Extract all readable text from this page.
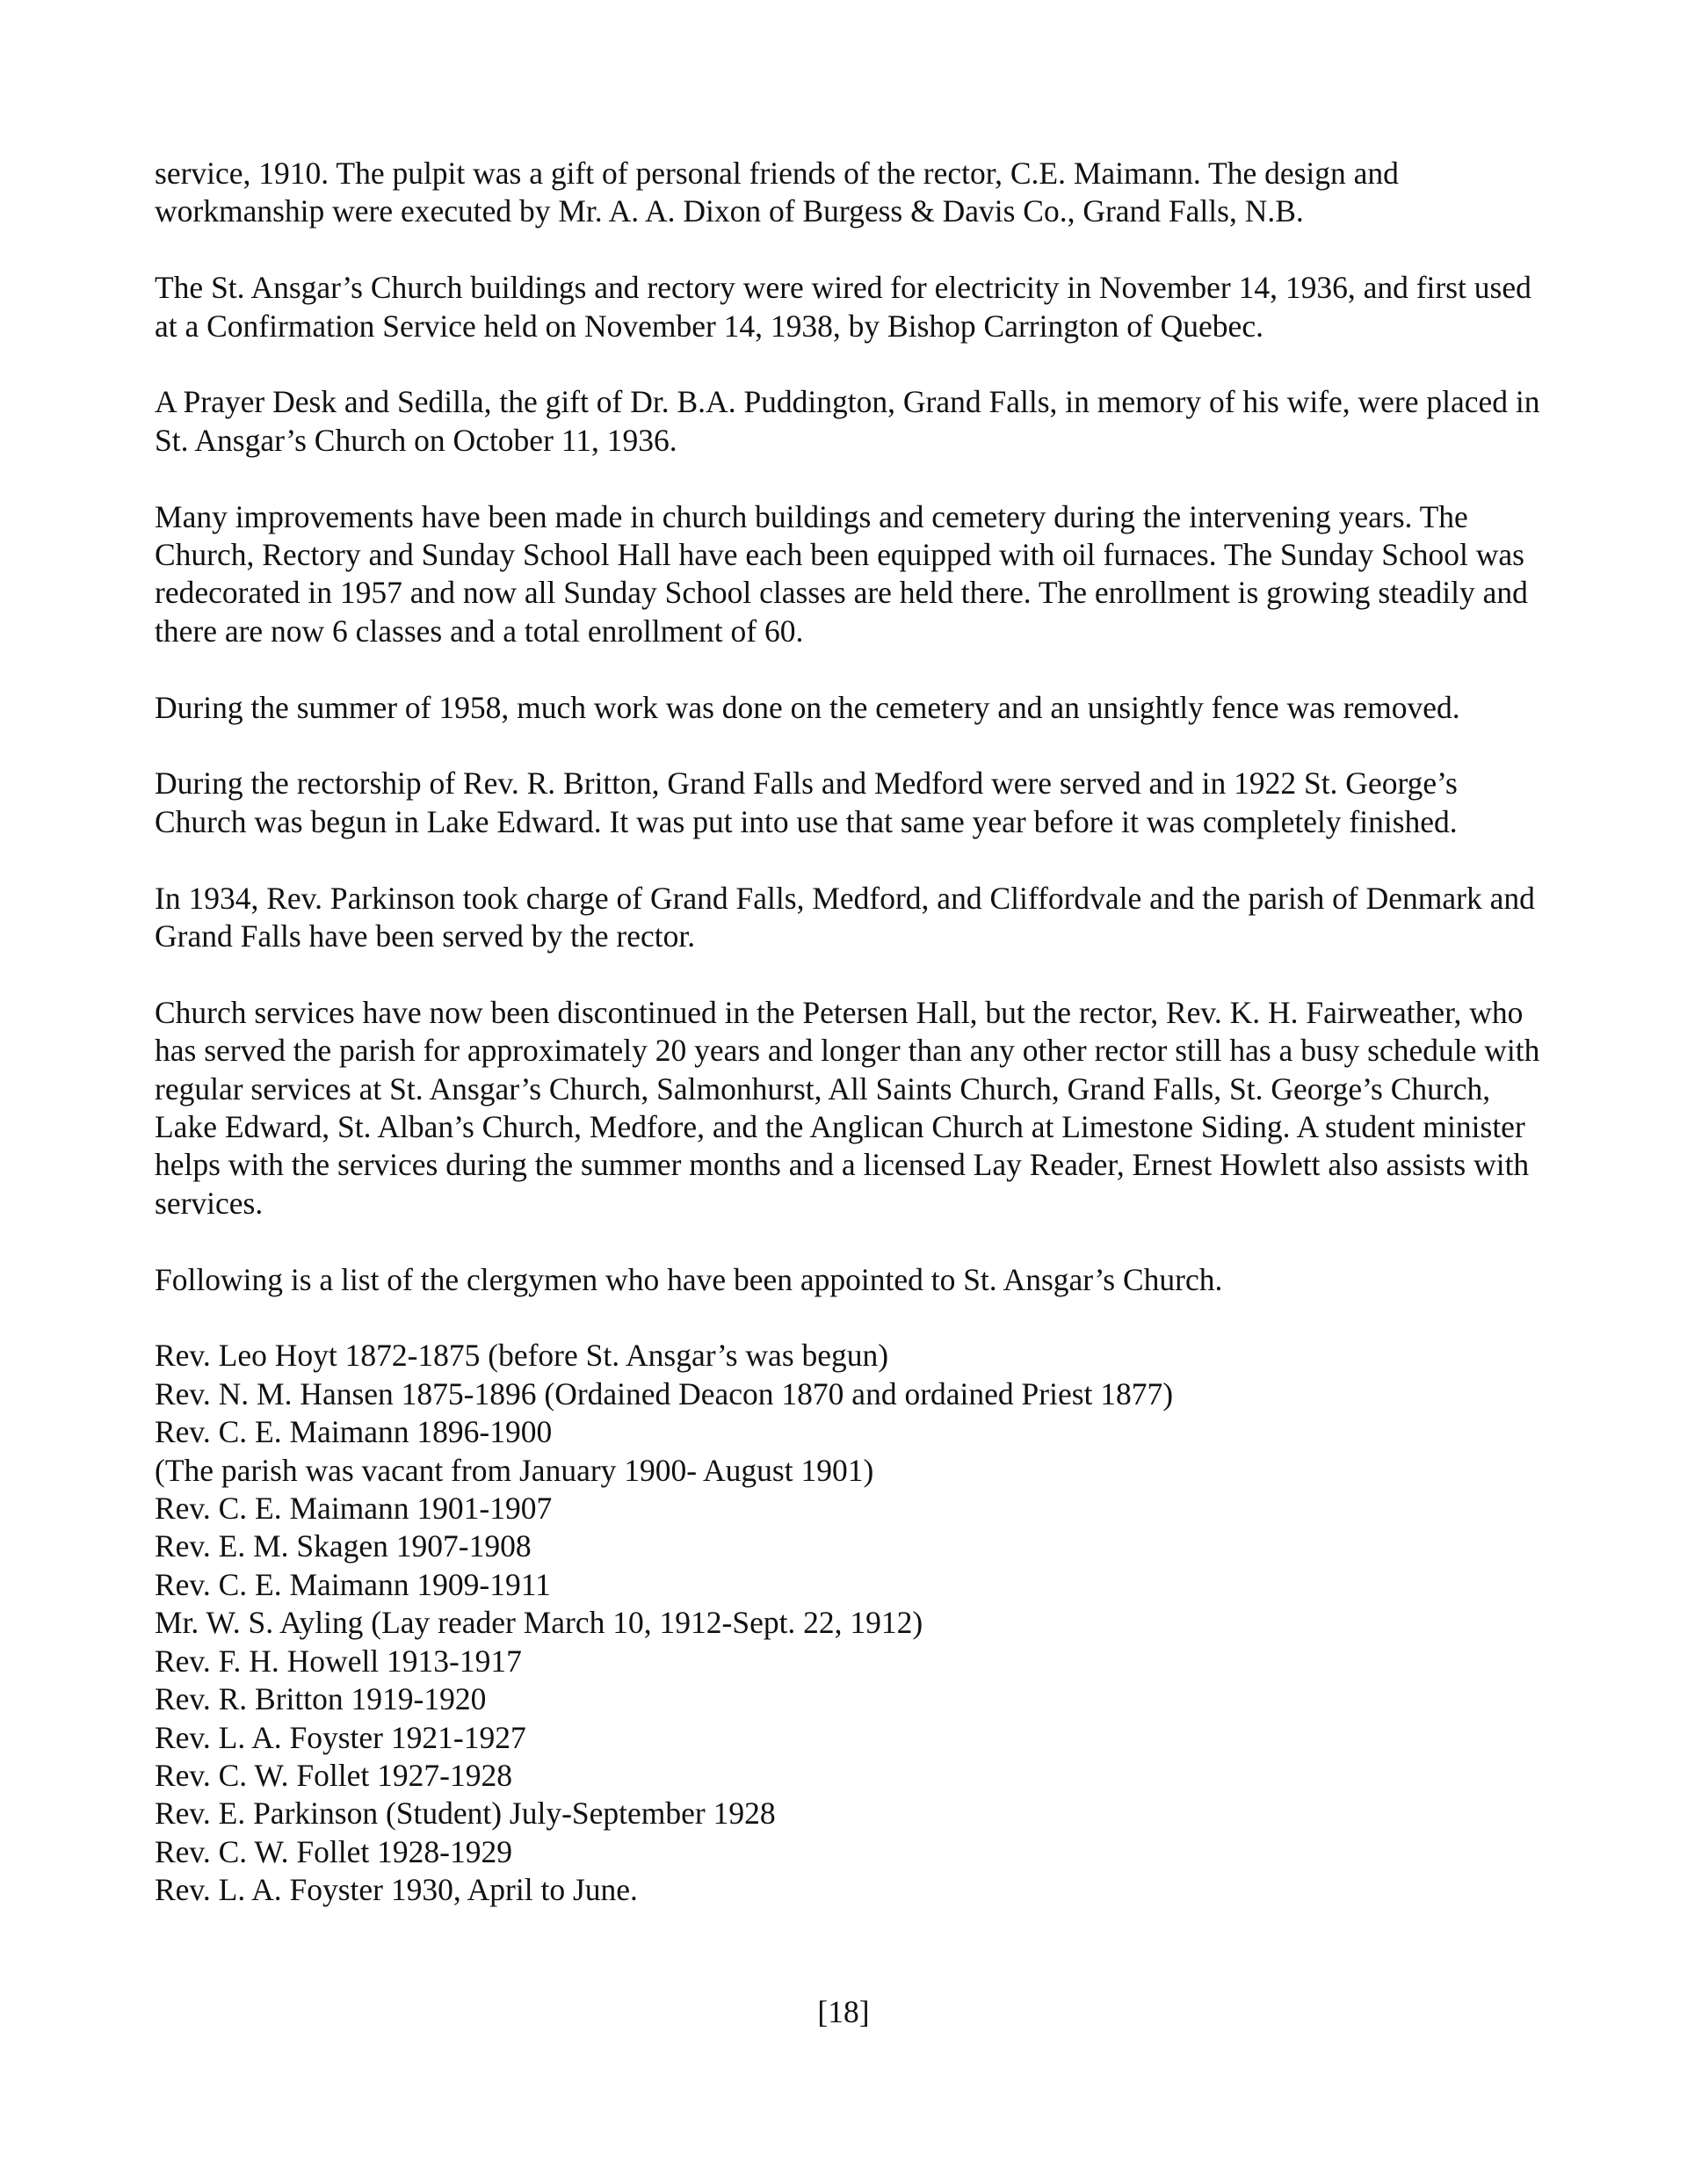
service, 1910. The pulpit was a gift of personal friends of the rector, C.E. Maimann. The design and workmanship were executed by Mr. A. A. Dixon of Burgess & Davis Co., Grand Falls, N.B.

The St. Ansgar’s Church buildings and rectory were wired for electricity in November 14, 1936, and first used at a Confirmation Service held on November 14, 1938, by Bishop Carrington of Quebec.

A Prayer Desk and Sedilla, the gift of Dr. B.A. Puddington, Grand Falls, in memory of his wife, were placed in St. Ansgar’s Church on October 11, 1936.

Many improvements have been made in church buildings and cemetery during the intervening years. The Church, Rectory and Sunday School Hall have each been equipped with oil furnaces. The Sunday School was redecorated in 1957 and now all Sunday School classes are held there. The enrollment is growing steadily and there are now 6 classes and a total enrollment of 60.

During the summer of 1958, much work was done on the cemetery and an unsightly fence was removed.

During the rectorship of Rev. R. Britton, Grand Falls and Medford were served and in 1922 St. George’s Church was begun in Lake Edward. It was put into use that same year before it was completely finished.

In 1934, Rev. Parkinson took charge of Grand Falls, Medford, and Cliffordvale and the parish of Denmark and Grand Falls have been served by the rector.

Church services have now been discontinued in the Petersen Hall, but the rector, Rev. K. H. Fairweather, who has served the parish for approximately 20 years and longer than any other rector still has a busy schedule with regular services at St. Ansgar’s Church, Salmonhurst, All Saints Church, Grand Falls, St. George’s Church, Lake Edward, St. Alban’s Church, Medfore, and the Anglican Church at Limestone Siding. A student minister helps with the services during the summer months and a licensed Lay Reader, Ernest Howlett also assists with services.

Following is a list of the clergymen who have been appointed to St. Ansgar’s Church.

Rev. Leo Hoyt 1872-1875 (before St. Ansgar’s was begun)
Rev. N. M. Hansen 1875-1896 (Ordained Deacon 1870 and ordained Priest 1877)
Rev. C. E. Maimann 1896-1900
(The parish was vacant from January 1900- August 1901)
Rev. C. E. Maimann 1901-1907
Rev. E. M. Skagen 1907-1908
Rev. C. E. Maimann 1909-1911
Mr. W. S. Ayling (Lay reader March 10, 1912-Sept. 22, 1912)
Rev. F. H. Howell 1913-1917
Rev. R. Britton 1919-1920
Rev. L. A. Foyster 1921-1927
Rev. C. W. Follet 1927-1928
Rev. E. Parkinson (Student) July-September 1928
Rev. C. W. Follet 1928-1929
Rev. L. A. Foyster 1930, April to June.
[18]
